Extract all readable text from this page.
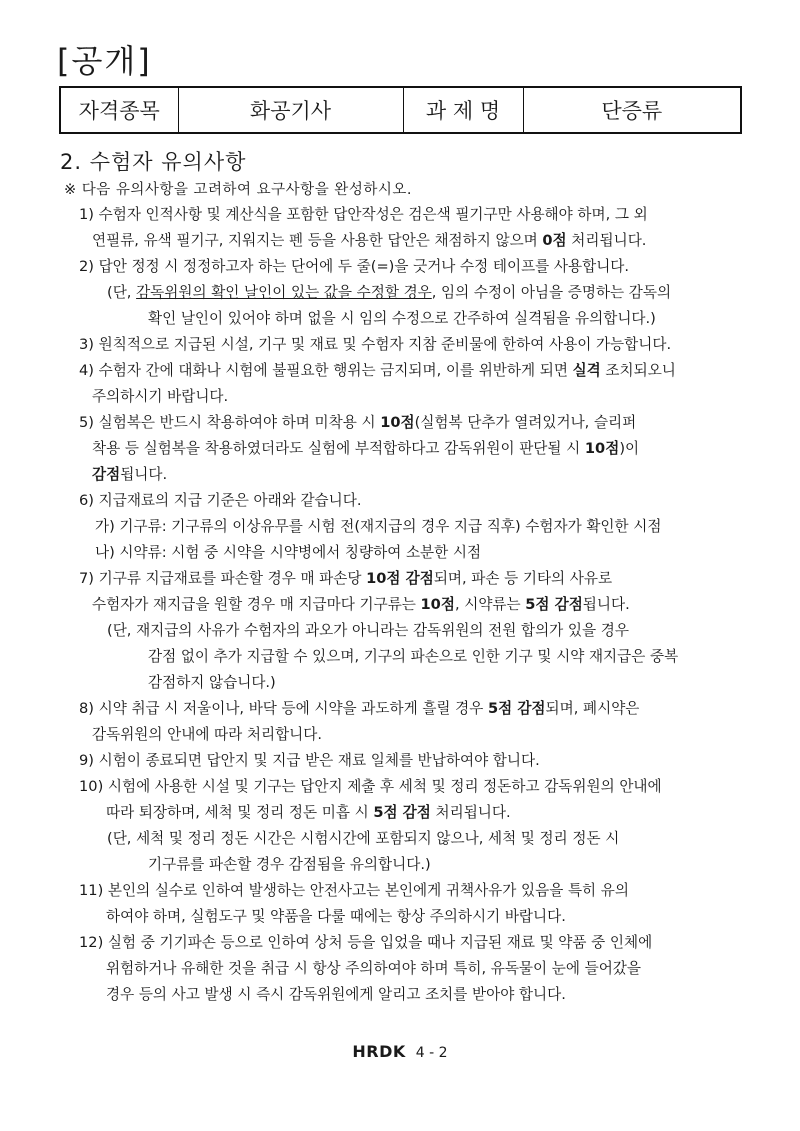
[공개]
자격종목	화공기사	과 제 명	단증류
2. 수험자 유의사항
※ 다음 유의사항을 고려하여 요구사항을 완성하시오.
1) 수험자 인적사항 및 계산식을 포함한 답안작성은 검은색 필기구만 사용해야 하며, 그 외
연필류, 유색 필기구, 지워지는 펜 등을 사용한 답안은 채점하지 않으며 0점 처리됩니다.
2) 답안 정정 시 정정하고자 하는 단어에 두 줄(=)을 긋거나 수정 테이프를 사용합니다.
(단, 감독위원의 확인 날인이 있는 값을 수정할 경우, 임의 수정이 아님을 증명하는 감독의
확인 날인이 있어야 하며 없을 시 임의 수정으로 간주하여 실격됨을 유의합니다.)
3) 원칙적으로 지급된 시설, 기구 및 재료 및 수험자 지참 준비물에 한하여 사용이 가능합니다.
4) 수험자 간에 대화나 시험에 불필요한 행위는 금지되며, 이를 위반하게 되면 실격 조치되오니
주의하시기 바랍니다.
5) 실험복은 반드시 착용하여야 하며 미착용 시 10점(실험복 단추가 열려있거나, 슬리퍼
착용 등 실험복을 착용하였더라도 실험에 부적합하다고 감독위원이 판단될 시 10점)이
감점됩니다.
6) 지급재료의 지급 기준은 아래와 같습니다.
가) 기구류: 기구류의 이상유무를 시험 전(재지급의 경우 지급 직후) 수험자가 확인한 시점
나) 시약류: 시험 중 시약을 시약병에서 칭량하여 소분한 시점
7) 기구류 지급재료를 파손할 경우 매 파손당 10점 감점되며, 파손 등 기타의 사유로
수험자가 재지급을 원할 경우 매 지급마다 기구류는 10점, 시약류는 5점 감점됩니다.
(단, 재지급의 사유가 수험자의 과오가 아니라는 감독위원의 전원 합의가 있을 경우
감점 없이 추가 지급할 수 있으며, 기구의 파손으로 인한 기구 및 시약 재지급은 중복
감점하지 않습니다.)
8) 시약 취급 시 저울이나, 바닥 등에 시약을 과도하게 흘릴 경우 5점 감점되며, 폐시약은
감독위원의 안내에 따라 처리합니다.
9) 시험이 종료되면 답안지 및 지급 받은 재료 일체를 반납하여야 합니다.
10) 시험에 사용한 시설 및 기구는 답안지 제출 후 세척 및 정리 정돈하고 감독위원의 안내에
따라 퇴장하며, 세척 및 정리 정돈 미흡 시 5점 감점 처리됩니다.
(단, 세척 및 정리 정돈 시간은 시험시간에 포함되지 않으나, 세척 및 정리 정돈 시
기구류를 파손할 경우 감점됨을 유의합니다.)
11) 본인의 실수로 인하여 발생하는 안전사고는 본인에게 귀책사유가 있음을 특히 유의
하여야 하며, 실험도구 및 약품을 다룰 때에는 항상 주의하시기 바랍니다.
12) 실험 중 기기파손 등으로 인하여 상처 등을 입었을 때나 지급된 재료 및 약품 중 인체에
위험하거나 유해한 것을 취급 시 항상 주의하여야 하며 특히, 유독물이 눈에 들어갔을
경우 등의 사고 발생 시 즉시 감독위원에게 알리고 조치를 받아야 합니다.
HRDK 4 - 2
